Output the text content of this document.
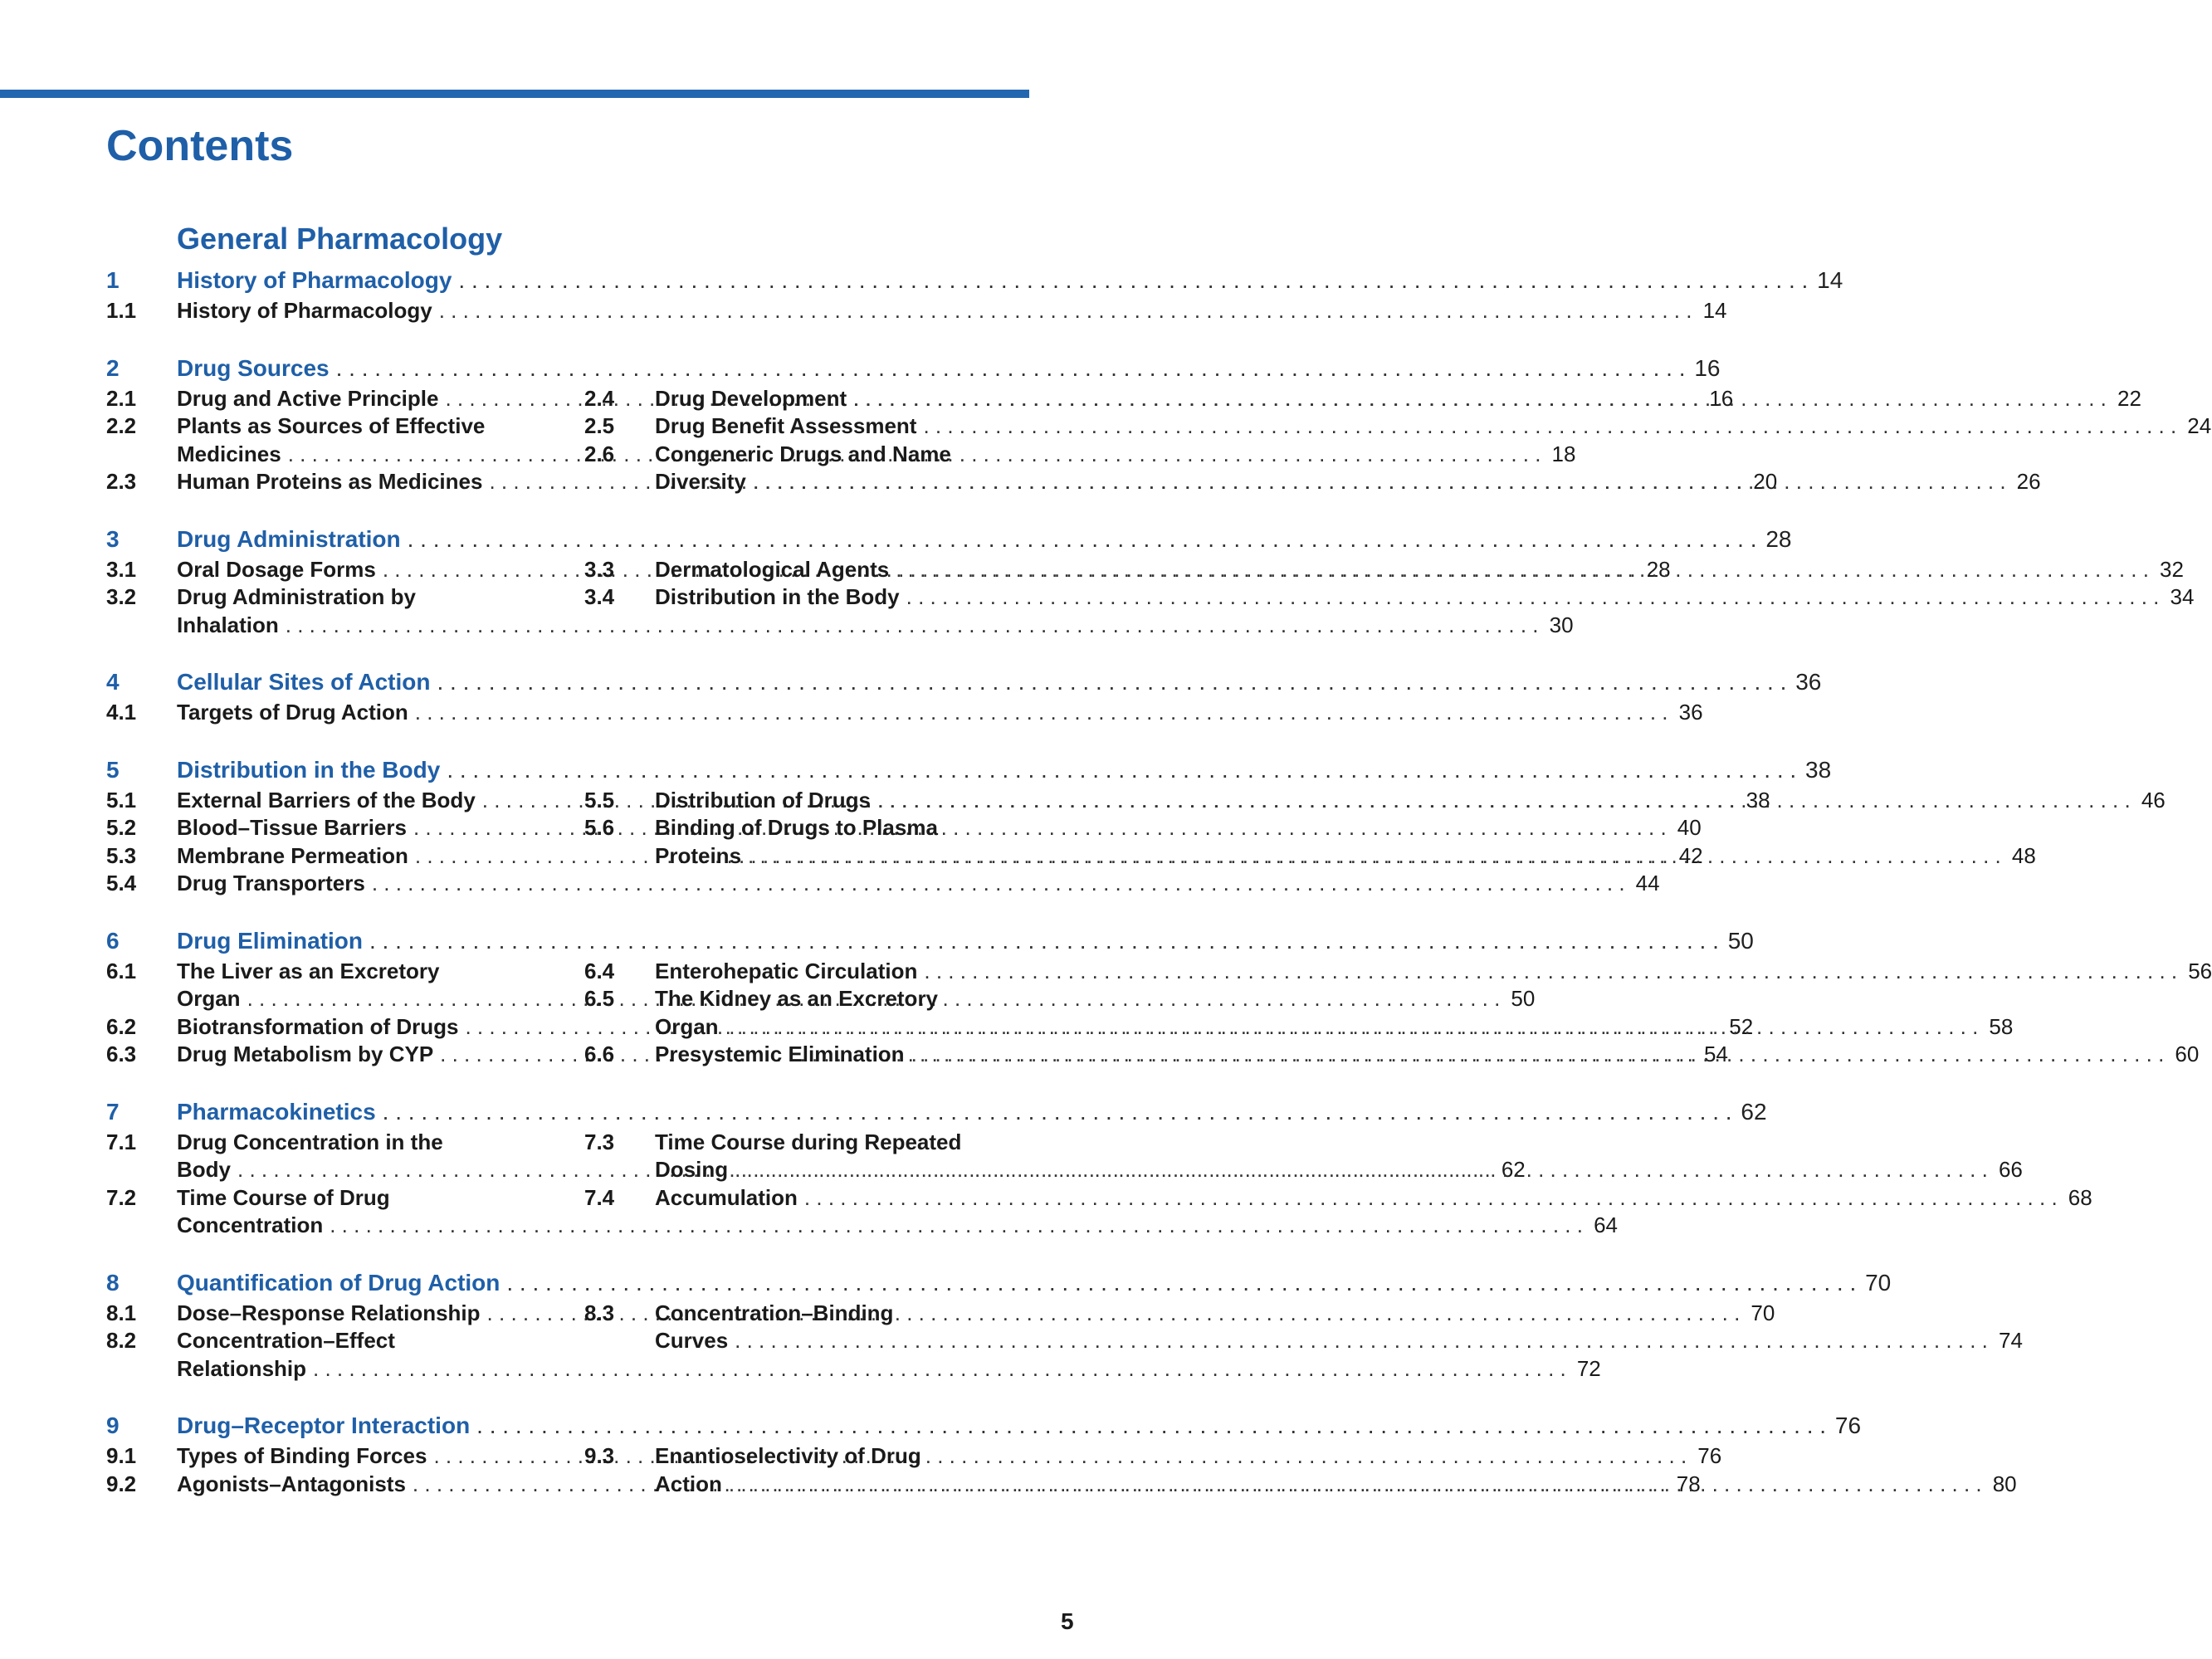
Contents
General Pharmacology
1	History of Pharmacology . . .	14
1.1	History of Pharmacology . . .	14
2	Drug Sources . . .	16
2.1	Drug and Active Principle . . .	16
2.2	Plants as Sources of Effective
Medicines . . .	18
2.3	Human Proteins as Medicines . . .	20
2.4	Drug Development . . .	22
2.5	Drug Benefit Assessment . . .	24
2.6	Congeneric Drugs and Name
Diversity . . .	26
3	Drug Administration . . .	28
3.1	Oral Dosage Forms . . .	28
3.2	Drug Administration by
Inhalation . . .	30
3.3	Dermatological Agents . . .	32
3.4	Distribution in the Body . . .	34
4	Cellular Sites of Action . . .	36
4.1	Targets of Drug Action . . .	36
5	Distribution in the Body . . .	38
5.1	External Barriers of the Body . . .	38
5.2	Blood–Tissue Barriers . . .	40
5.3	Membrane Permeation . . .	42
5.4	Drug Transporters . . .	44
5.5	Distribution of Drugs . . .	46
5.6	Binding of Drugs to Plasma
Proteins . . .	48
6	Drug Elimination . . .	50
6.1	The Liver as an Excretory
Organ . . .	50
6.2	Biotransformation of Drugs . . .	52
6.3	Drug Metabolism by CYP . . .	54
6.4	Enterohepatic Circulation . . .	56
6.5	The Kidney as an Excretory
Organ . . .	58
6.6	Presystemic Elimination . . .	60
7	Pharmacokinetics . . .	62
7.1	Drug Concentration in the
Body . . .	62
7.2	Time Course of Drug
Concentration . . .	64
7.3	Time Course during Repeated
Dosing . . .	66
7.4	Accumulation . . .	68
8	Quantification of Drug Action . . .	70
8.1	Dose–Response Relationship . . .	70
8.2	Concentration–Effect
Relationship . . .	72
8.3	Concentration–Binding
Curves . . .	74
9	Drug–Receptor Interaction . . .	76
9.1	Types of Binding Forces . . .	76
9.2	Agonists–Antagonists . . .	78
9.3	Enantioselectivity of Drug
Action . . .	80
5
